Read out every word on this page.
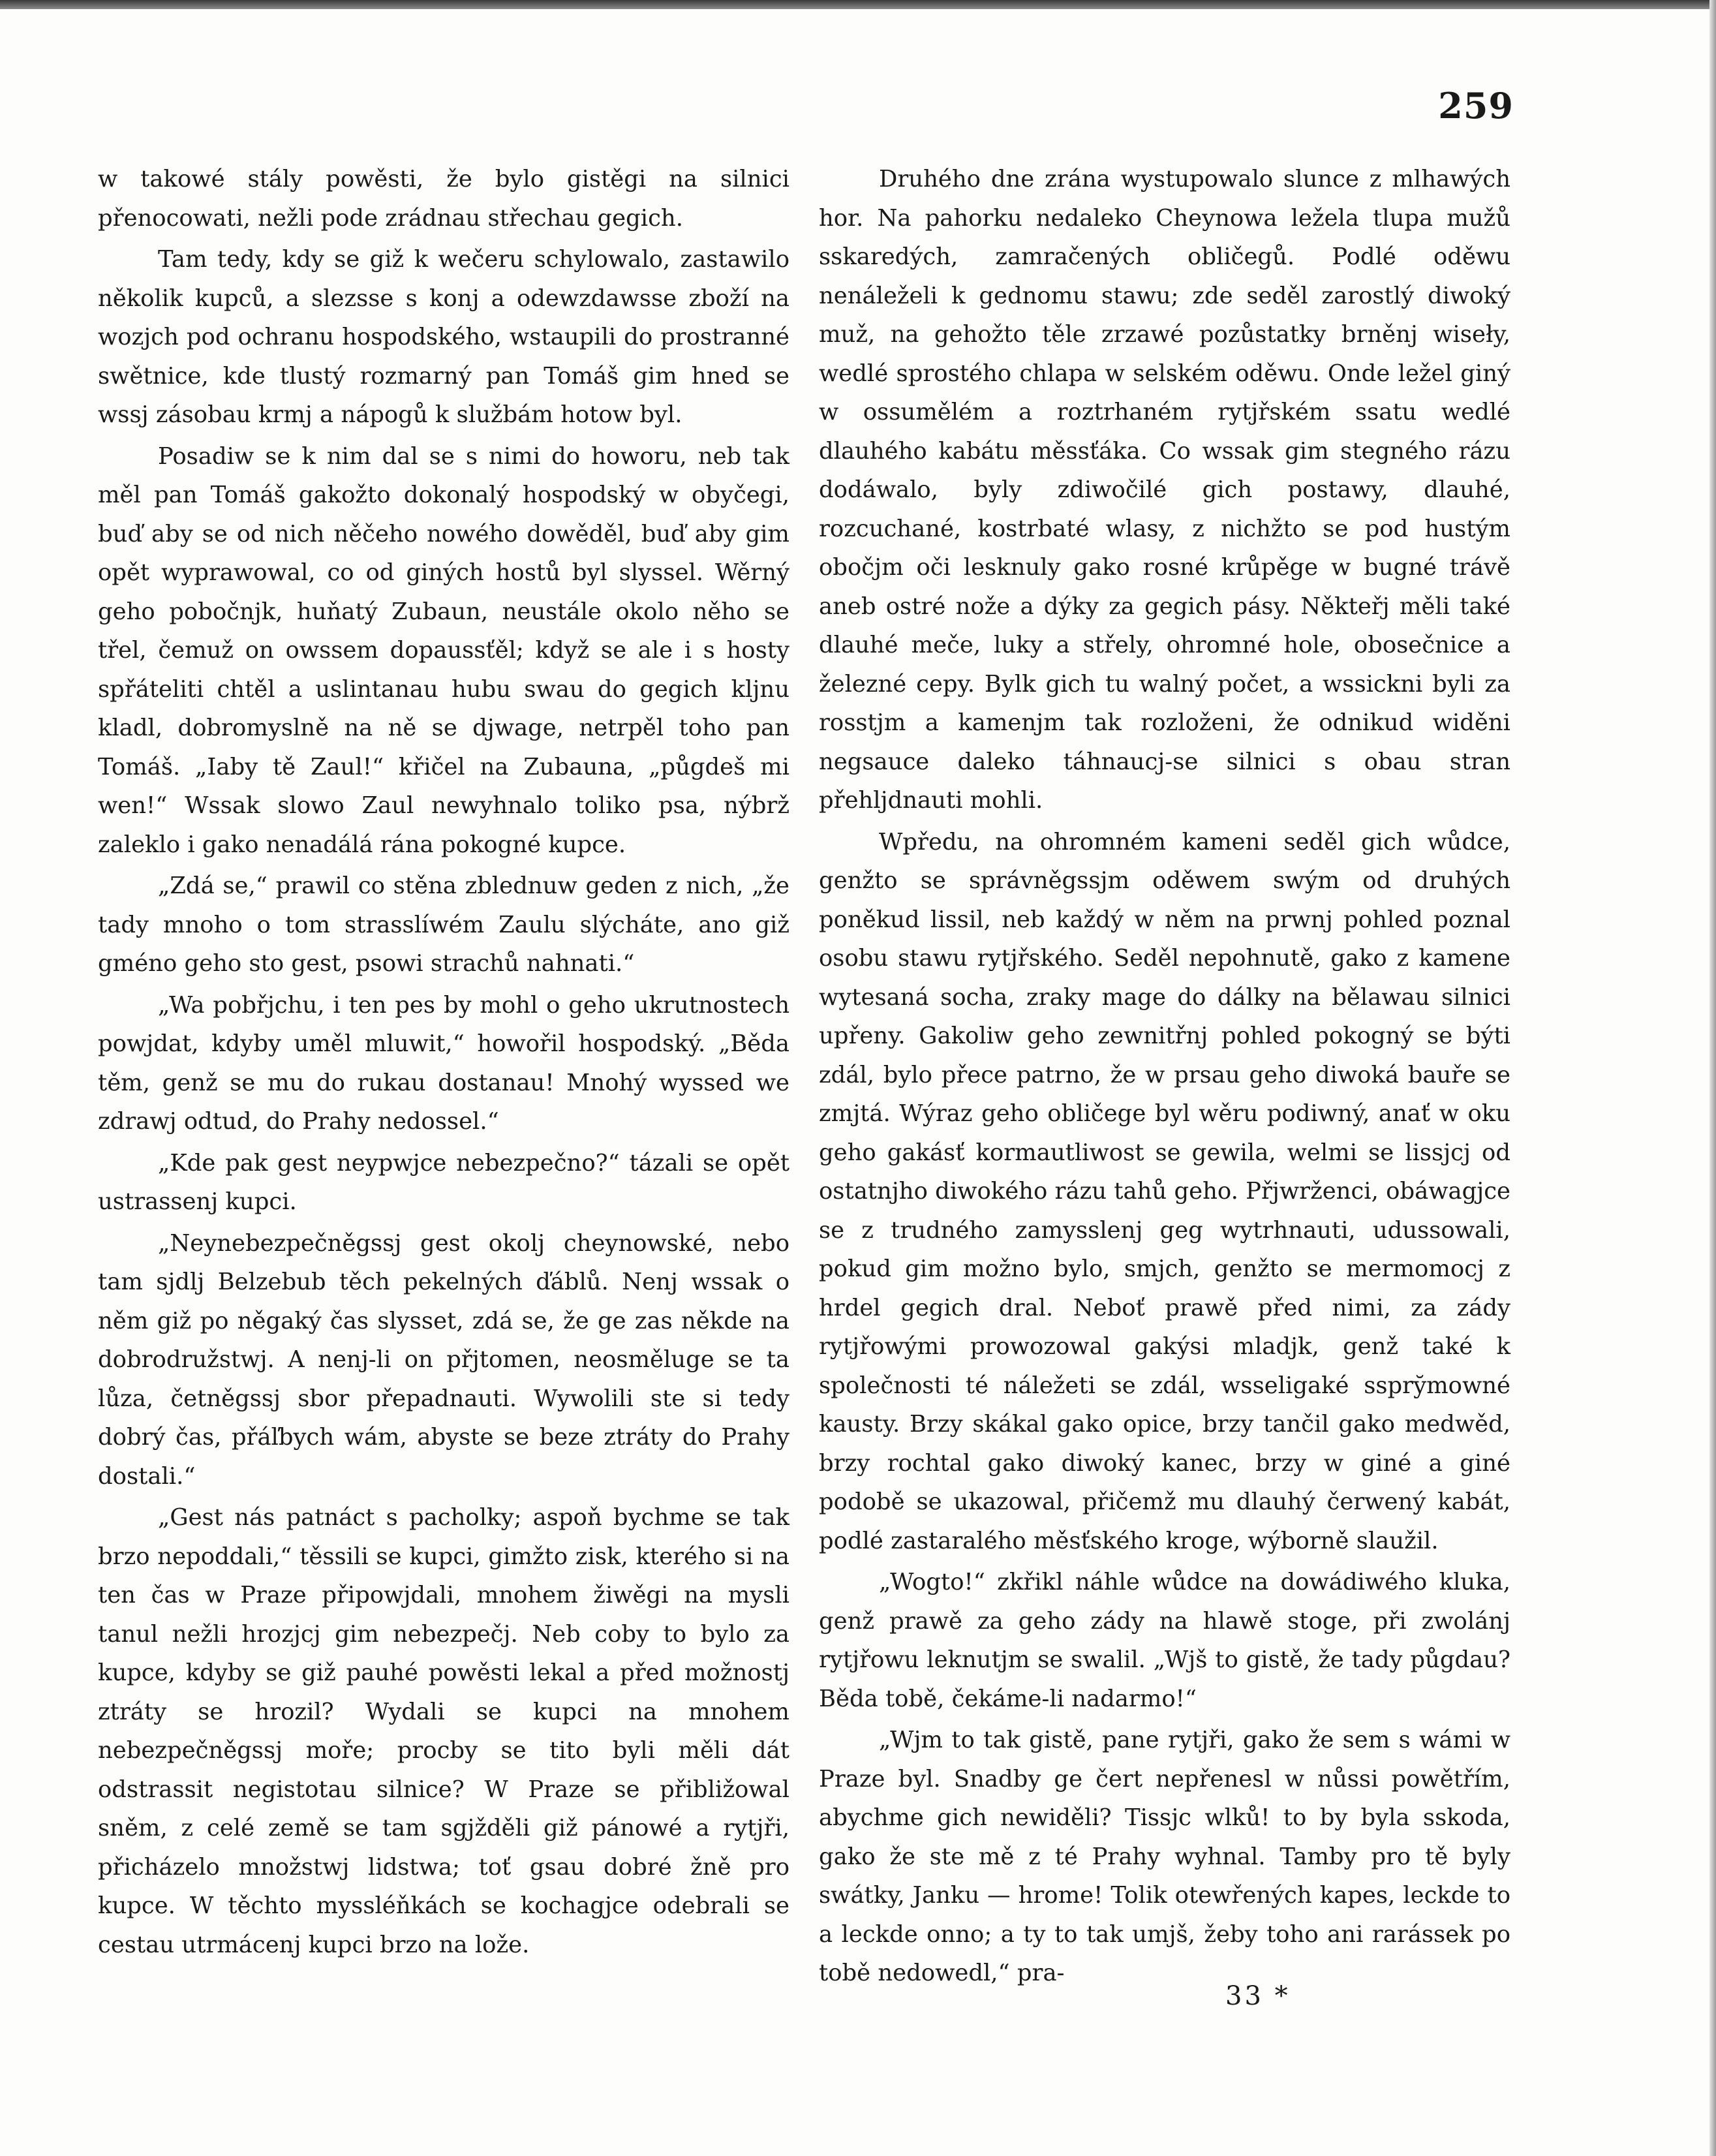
259

w takowé stály powěsti, že bylo gistěgi na silnici přenocowati, nežli pode zrádnau střechau gegich.

Tam tedy, kdy se giž k wečeru schylowalo, zastawilo několik kupců, a slezsse s konj a odewzdawsse zboží na wozjch pod ochranu hospodského, wstaupili do prostranné swětnice, kde tlustý rozmarný pan Tomáš gim hned se wssj zásobau krmj a nápogů k službám hotow byl.

Posadiw se k nim dal se s nimi do howoru, neb tak měl pan Tomáš gakožto dokonalý hospodský w obyčegi, buď aby se od nich něčeho nowého dowěděl, buď aby gim opět wyprawowal, co od giných hostů byl slyssel. Wěrný geho pobočnjk, huňatý Zubaun, neustále okolo něho se třel, čemuž on owssem dopaussťěl; když se ale i s hosty spřáteliti chtěl a uslintanau hubu swau do gegich kljnu kladl, dobromyslně na ně se djwage, netrpěl toho pan Tomáš. „Iaby tě Zaul!“ křičel na Zubauna, „půgdeš mi wen!“ Wssak slowo Zaul newyhnalo toliko psa, nýbrž zaleklo i gako nenadálá rána pokogné kupce.

„Zdá se,“ prawil co stěna zblednuw geden z nich, „že tady mnoho o tom strasslíwém Zaulu slýcháte, ano giž gméno geho sto gest, psowi strachů nahnati.“

„Wa pobřjchu, i ten pes by mohl o geho ukrutnostech powjdat, kdyby uměl mluwit,“ howořil hospodský. „Běda těm, genž se mu do rukau dostanau! Mnohý wyssed we zdrawj odtud, do Prahy nedossel.“

„Kde pak gest neypwjce nebezpečno?“ tázali se opět ustrassenj kupci.

„Neynebezpečněgssj gest okolj cheynowské, nebo tam sjdlj Belzebub těch pekelných ďáblů. Nenj wssak o něm giž po něgaký čas slysset, zdá se, že ge zas někde na dobrodružstwj. A nenj-li on přjtomen, neosmělugе se ta lůza, četněgssj sbor přepadnauti. Wywolili ste si tedy dobrý čas, přáľbych wám, abyste se beze ztráty do Prahy dostali.“

„Gest nás patnáct s pacholky; aspoň bychme se tak brzo nepoddali,“ těssili se kupci, gimžto zisk, kterého si na ten čas w Praze připowjdali, mnohem žiwěgi na mysli tanul nežli hrozjcj gim nebezpečj. Neb coby to bylo za kupce, kdyby se giž pauhé powěsti lekal a před možnostj ztráty se hrozil? Wydali se kupci na mnohem nebezpečněgssj moře; procby se tito byli měli dát odstrassit negistotau silnice? W Praze se přibližowal sněm, z celé země se tam sgjžděli giž pánowé a rytjři, přicházelo množstwj lidstwa; toť gsau dobré žně pro kupce. W těchto myssléňkách se kochagjce odebrali se cestau utrmácenj kupci brzo na lože.

Druhého dne zrána wystupowalo slunce z mlhawých hor. Na pahorku nedaleko Cheynowa ležela tlupa mužů sskaredých, zamračených obličegů. Podlé oděwu nenáleželi k gednomu stawu; zde seděl zarostlý diwoký muž, na gehožto těle zrzawé pozůstatky brněnj wiseły, wedlé sprostého chlapa w selském oděwu. Onde ležel giný w ossumělém a roztrhaném rytjřském ssatu wedlé dlauhého kabátu měssťáka. Co wssak gim stegného rázu dodáwalo, byly zdiwočilé gich postawy, dlauhé, rozcuchané, kostrbaté wlasy, z nichžto se pod hustým obočjm oči lesknuly gako rosné krůpěge w bugné trávě aneb ostré nože a dýky za gegich pásy. Někteřj měli také dlauhé meče, luky a střely, ohromné hole, obosečnice a železné cepy. Bylk gich tu walný počet, a wssickni byli za rosstjm a kamenjm tak rozloženi, že odnikud widěni negsauce daleko táhnaucj-se silnici s obau stran přehljdnauti mohli.

Wpředu, na ohromném kameni seděl gich wůdce, genžto se správněgssjm oděwem swým od druhých poněkud lissil, neb každý w něm na prwnj pohled poznal osobu stawu rytjřského. Seděl nepohnutě, gako z kamene wytesaná socha, zraky mage do dálky na bělawau silnici upřeny. Gakoliw geho zewnitřnj pohled pokogný se býti zdál, bylo přece patrno, že w prsau geho diwoká bauře se zmjtá. Wýraz geho obličege byl wěru podiwný, anať w oku geho gakásť kormautliwost se gewila, welmi se lissjcj od ostatnjho diwokého rázu tahů geho. Přjwrženci, obáwagjce se z trudného zamysslenj geg wytrhnauti, udussowali, pokud gim možno bylo, smjch, genžto se mermomocj z hrdel gegich dral. Neboť prawě před nimi, za zády rytjřowými prowozowal gakýsi mladjk, genž také k společnosti té náležeti se zdál, wsseligaké sspry̆mowné kausty. Brzy skákal gako opice, brzy tančil gako medwěd, brzy rochtal gako diwoký kanec, brzy w giné a giné podobě se ukazowal, přičemž mu dlauhý čerwený kabát, podlé zastaralého měsťského kroge, wýborně slaužil.

„Wogto!“ zkřikl náhle wůdce na dowádiwého kluka, genž prawě za geho zády na hlawě stoge, při zwolánj rytjřowu leknutjm se swalil. „Wjš to gistě, že tady půgdau? Běda tobě, čekáme-li nadarmo!“

„Wjm to tak gistě, pane rytjři, gako že sem s wámi w Praze byl. Snadby ge čert nepřenesl w nůssi powětřím, abychme gich newiděli? Tissjc wlků! to by byla sskoda, gako že ste mě z té Prahy wyhnal. Tamby pro tě byly swátky, Janku — hrome! Tolik otewřených kapes, leckde to a leckde onno; a ty to tak umjš, žeby toho ani rarássek po tobě nedowedl,“ pra-

33 *
